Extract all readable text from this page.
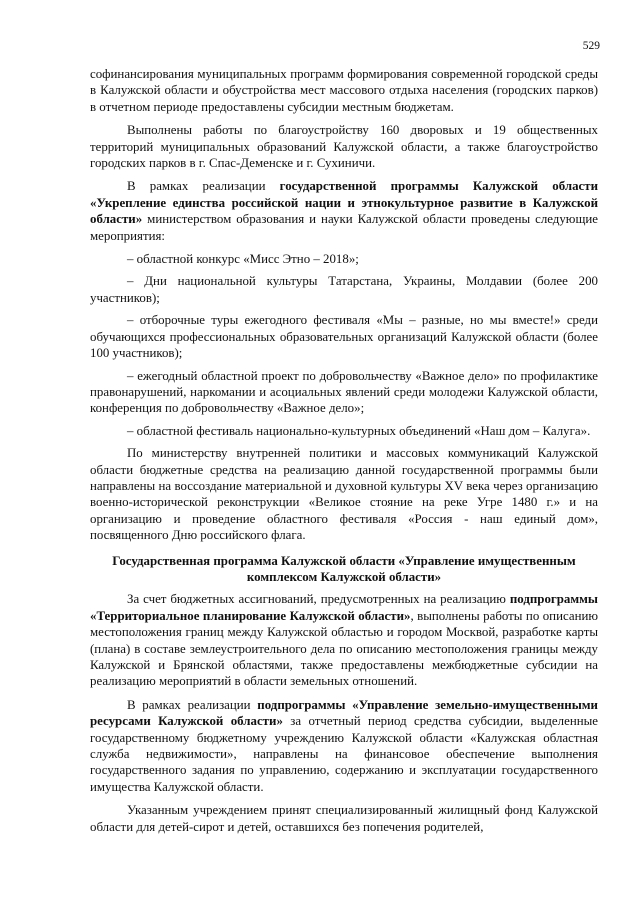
529

софинансирования муниципальных программ формирования современной городской среды в Калужской области и обустройства мест массового отдыха населения (городских парков) в отчетном периоде предоставлены субсидии местным бюджетам.

Выполнены работы по благоустройству 160 дворовых и 19 общественных территорий муниципальных образований Калужской области, а также благоустройство городских парков в г. Спас-Деменске и г. Сухиничи.

В рамках реализации государственной программы Калужской области «Укрепление единства российской нации и этнокультурное развитие в Калужской области» министерством образования и науки Калужской области проведены следующие мероприятия:

– областной конкурс «Мисс Этно – 2018»;

– Дни национальной культуры Татарстана, Украины, Молдавии (более 200 участников);

– отборочные туры ежегодного фестиваля «Мы – разные, но мы вместе!» среди обучающихся профессиональных образовательных организаций Калужской области (более 100 участников);

– ежегодный областной проект по добровольчеству «Важное дело» по профилактике правонарушений, наркомании и асоциальных явлений среди молодежи Калужской области, конференция по добровольчеству «Важное дело»;

– областной фестиваль национально-культурных объединений «Наш дом – Калуга».

По министерству внутренней политики и массовых коммуникаций Калужской области бюджетные средства на реализацию данной государственной программы были направлены на воссоздание материальной и духовной культуры XV века через организацию военно-исторической реконструкции «Великое стояние на реке Угре 1480 г.» и на организацию и проведение областного фестиваля «Россия - наш единый дом», посвященного Дню российского флага.

Государственная программа Калужской области «Управление имущественным комплексом Калужской области»

За счет бюджетных ассигнований, предусмотренных на реализацию подпрограммы «Территориальное планирование Калужской области», выполнены работы по описанию местоположения границ между Калужской областью и городом Москвой, разработке карты (плана) в составе землеустроительного дела по описанию местоположения границы между Калужской и Брянской областями, также предоставлены межбюджетные субсидии на реализацию мероприятий в области земельных отношений.

В рамках реализации подпрограммы «Управление земельно-имущественными ресурсами Калужской области» за отчетный период средства субсидии, выделенные государственному бюджетному учреждению Калужской области «Калужская областная служба недвижимости», направлены на финансовое обеспечение выполнения государственного задания по управлению, содержанию и эксплуатации государственного имущества Калужской области.

Указанным учреждением принят специализированный жилищный фонд Калужской области для детей-сирот и детей, оставшихся без попечения родителей,
